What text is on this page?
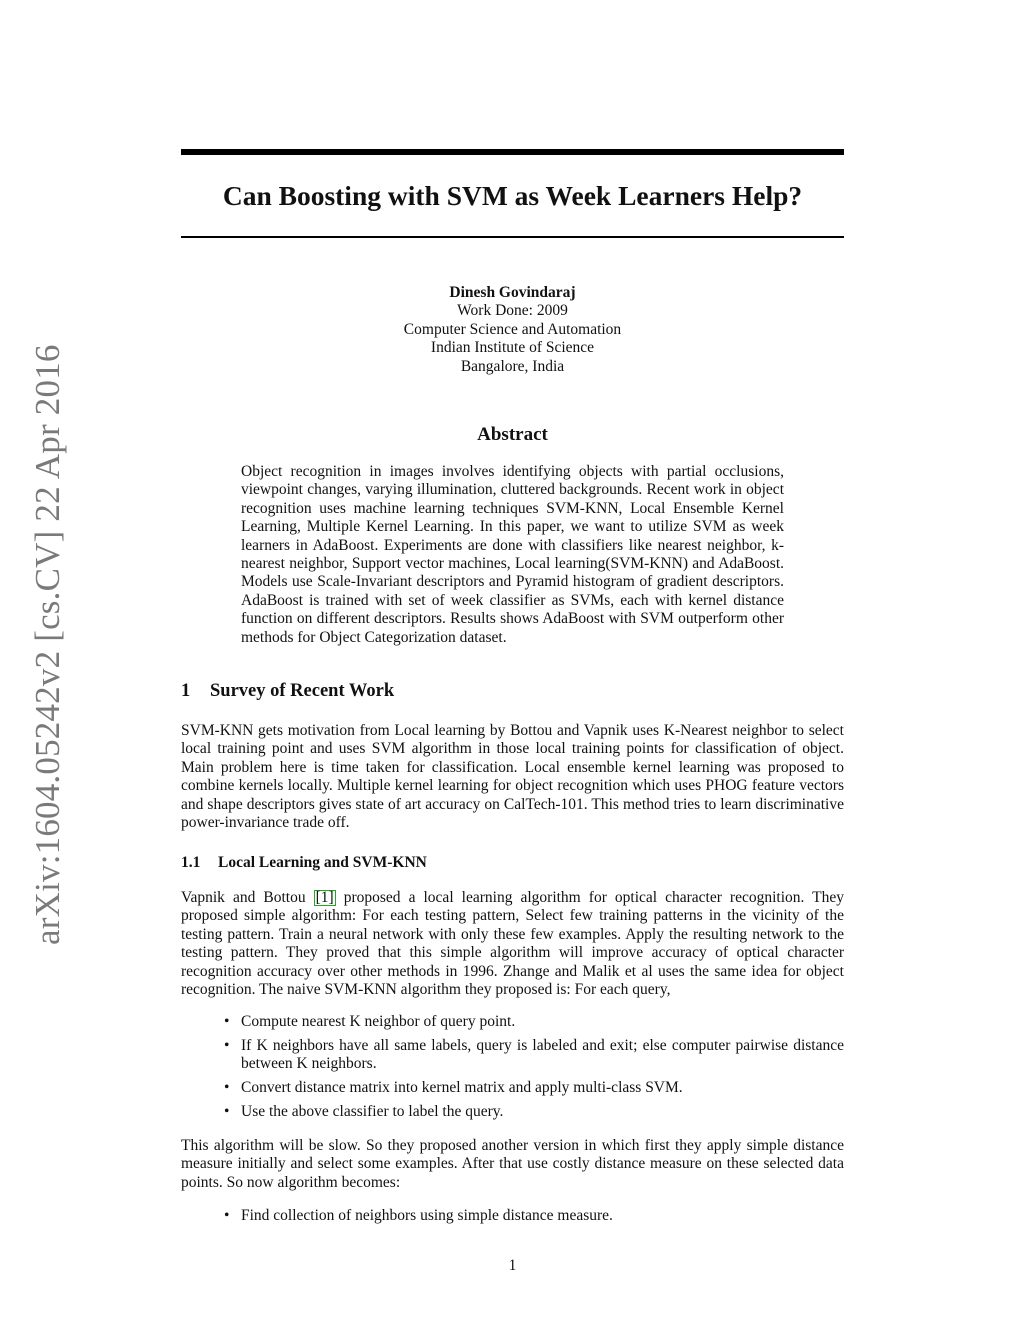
arXiv:1604.05242v2 [cs.CV] 22 Apr 2016
Can Boosting with SVM as Week Learners Help?
Dinesh Govindaraj
Work Done: 2009
Computer Science and Automation
Indian Institute of Science
Bangalore, India
Abstract

Object recognition in images involves identifying objects with partial occlusions, viewpoint changes, varying illumination, cluttered backgrounds. Recent work in object recognition uses machine learning techniques SVM-KNN, Local Ensemble Kernel Learning, Multiple Kernel Learning. In this paper, we want to utilize SVM as week learners in AdaBoost. Experiments are done with classifiers like nearest neighbor, k-nearest neighbor, Support vector machines, Local learning(SVM-KNN) and AdaBoost. Models use Scale-Invariant descriptors and Pyramid histogram of gradient descriptors. AdaBoost is trained with set of week classifier as SVMs, each with kernel distance function on different descriptors. Results shows AdaBoost with SVM outperform other methods for Object Categorization dataset.

1 Survey of Recent Work

SVM-KNN gets motivation from Local learning by Bottou and Vapnik uses K-Nearest neighbor to select local training point and uses SVM algorithm in those local training points for classification of object. Main problem here is time taken for classification. Local ensemble kernel learning was proposed to combine kernels locally. Multiple kernel learning for object recognition which uses PHOG feature vectors and shape descriptors gives state of art accuracy on CalTech-101. This method tries to learn discriminative power-invariance trade off.

1.1 Local Learning and SVM-KNN

Vapnik and Bottou [1] proposed a local learning algorithm for optical character recognition. They proposed simple algorithm: For each testing pattern, Select few training patterns in the vicinity of the testing pattern. Train a neural network with only these few examples. Apply the resulting network to the testing pattern. They proved that this simple algorithm will improve accuracy of optical character recognition accuracy over other methods in 1996. Zhange and Malik et al uses the same idea for object recognition. The naive SVM-KNN algorithm they proposed is: For each query,

• Compute nearest K neighbor of query point.
• If K neighbors have all same labels, query is labeled and exit; else computer pairwise distance between K neighbors.
• Convert distance matrix into kernel matrix and apply multi-class SVM.
• Use the above classifier to label the query.

This algorithm will be slow. So they proposed another version in which first they apply simple distance measure initially and select some examples. After that use costly distance measure on these selected data points. So now algorithm becomes:

• Find collection of neighbors using simple distance measure.
1
